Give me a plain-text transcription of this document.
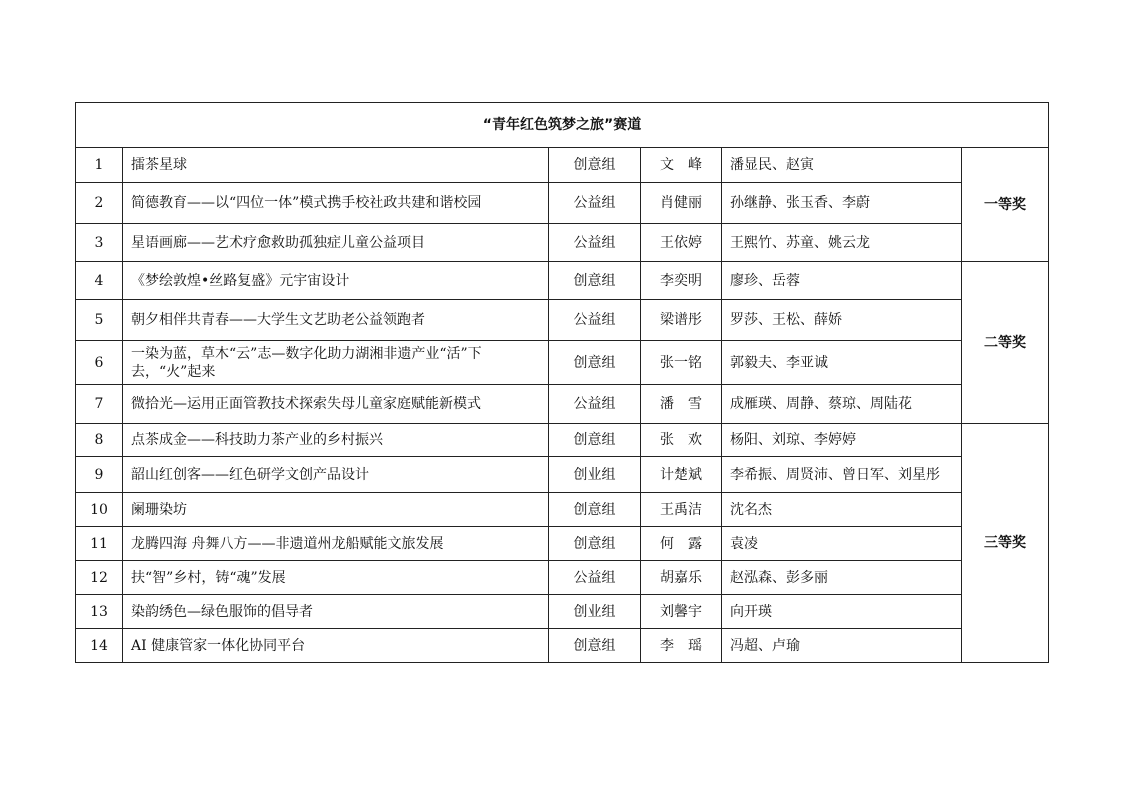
“青年红色筑梦之旅”赛道					
1	擂茶星球	创意组	文　峰	潘显民、赵寅	一等奖
2	简德教育——以“四位一体”模式携手校社政共建和谐校园	公益组	肖健丽	孙继静、张玉香、李蔚	
3	星语画廊——艺术疗愈救助孤独症儿童公益项目	公益组	王依婷	王熙竹、苏童、姚云龙	
4	《梦绘敦煌•丝路复盛》元宇宙设计	创意组	李奕明	廖珍、岳蓉	二等奖
5	朝夕相伴共青春——大学生文艺助老公益领跑者	公益组	梁谱彤	罗莎、王松、薛娇	
6	一染为蓝，草木“云”志—数字化助力湖湘非遗产业“活”下去，“火”起来	创意组	张一铭	郭毅夫、李亚诚	
7	微拾光—运用正面管教技术探索失母儿童家庭赋能新模式	公益组	潘　雪	成雁瑛、周静、蔡琼、周陆花	
8	点茶成金——科技助力茶产业的乡村振兴	创意组	张　欢	杨阳、刘琼、李婷婷	三等奖
9	韶山红创客——红色研学文创产品设计	创业组	计楚斌	李希振、周贤沛、曾日军、刘星彤	
10	阑珊染坊	创意组	王禹洁	沈名杰	
11	龙腾四海 舟舞八方——非遗道州龙船赋能文旅发展	创意组	何　露	袁凌	
12	扶“智”乡村，铸“魂”发展	公益组	胡嘉乐	赵泓森、彭多丽	
13	染韵绣色—绿色服饰的倡导者	创业组	刘馨宇	向开瑛	
14	AI 健康管家一体化协同平台	创意组	李　瑶	冯超、卢瑜	
